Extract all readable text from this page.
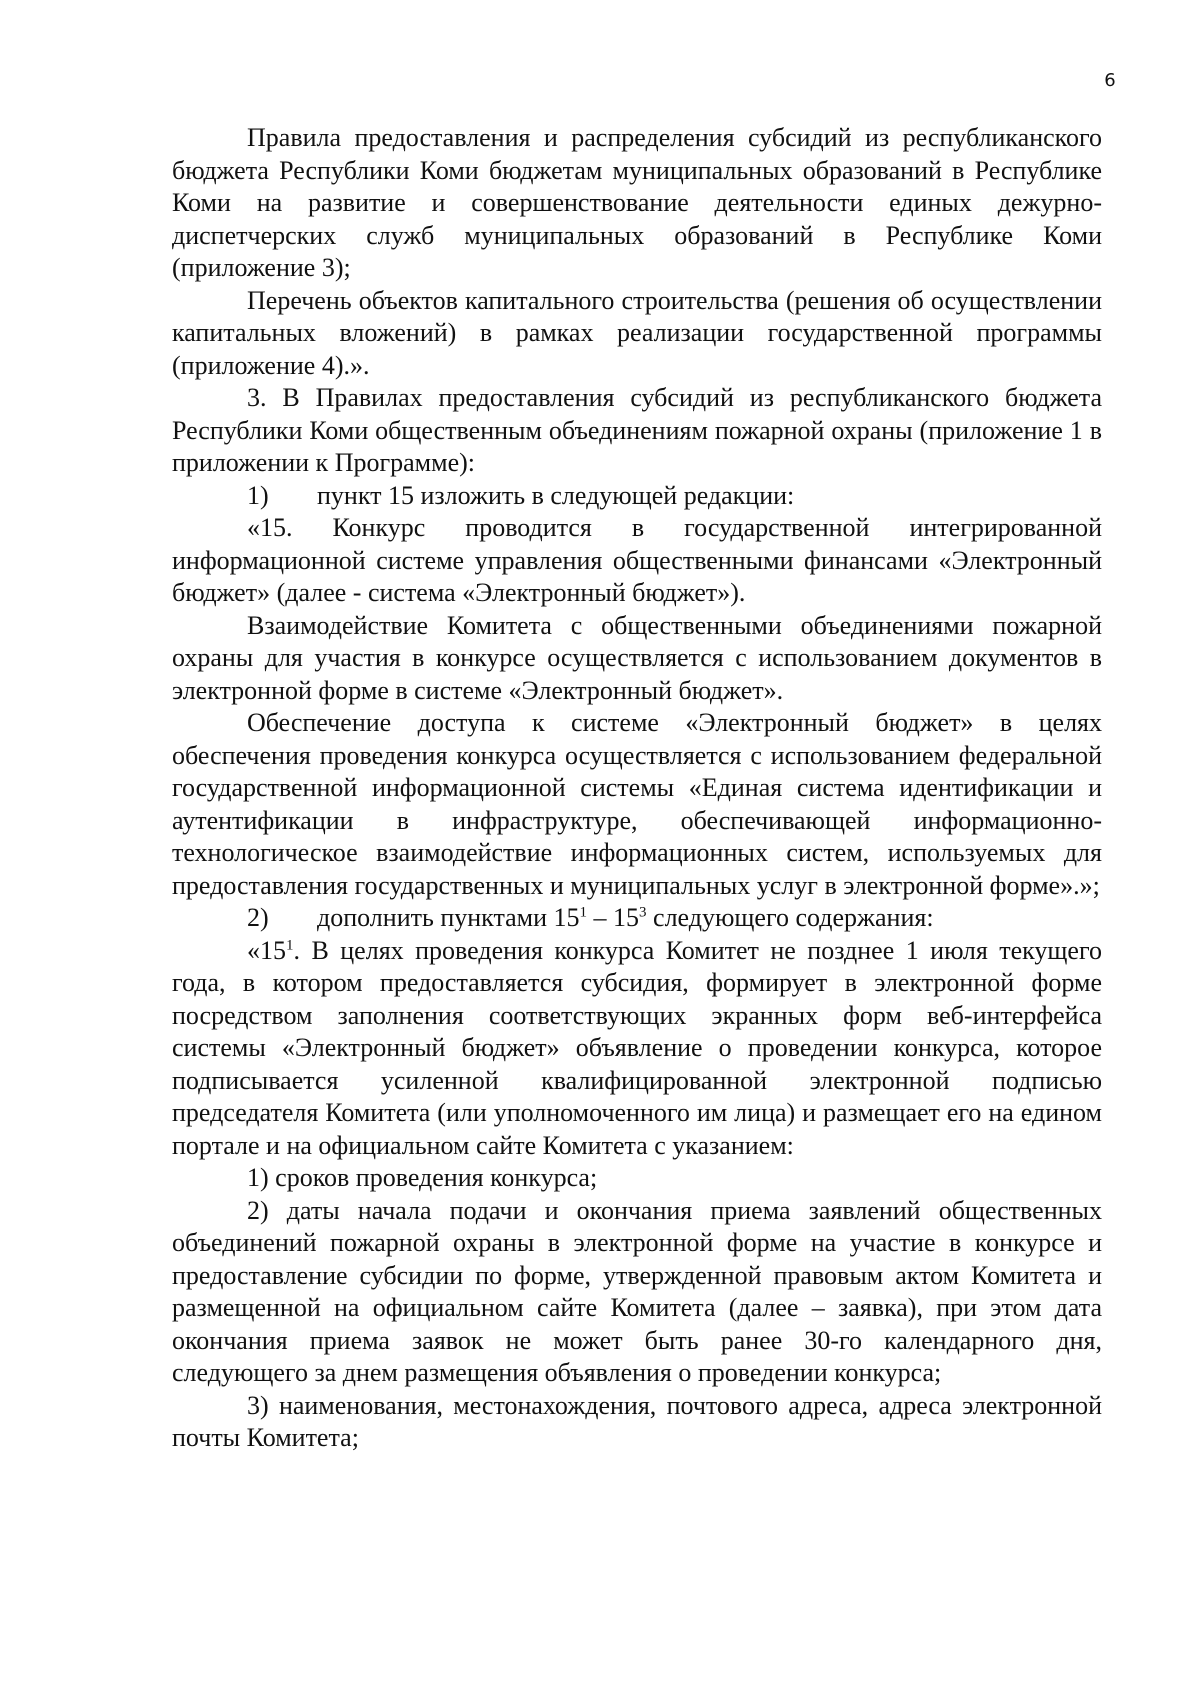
6

Правила предоставления и распределения субсидий из республиканского бюджета Республики Коми бюджетам муниципальных образований в Республике Коми на развитие и совершенствование деятельности единых дежурно-диспетчерских служб муниципальных образований в Республике Коми (приложение 3);

Перечень объектов капитального строительства (решения об осуществлении капитальных вложений) в рамках реализации государственной программы (приложение 4).».

3. В Правилах предоставления субсидий из республиканского бюджета Республики Коми общественным объединениям пожарной охраны (приложение 1 в приложении к Программе):

1) пункт 15 изложить в следующей редакции:

«15. Конкурс проводится в государственной интегрированной информационной системе управления общественными финансами «Электронный бюджет» (далее - система «Электронный бюджет»).

Взаимодействие Комитета с общественными объединениями пожарной охраны для участия в конкурсе осуществляется с использованием документов в электронной форме в системе «Электронный бюджет».

Обеспечение доступа к системе «Электронный бюджет» в целях обеспечения проведения конкурса осуществляется с использованием федеральной государственной информационной системы «Единая система идентификации и аутентификации в инфраструктуре, обеспечивающей информационно-технологическое взаимодействие информационных систем, используемых для предоставления государственных и муниципальных услуг в электронной форме».»;

2) дополнить пунктами $15^1 - 15^3$ следующего содержания:

«$15^1$. В целях проведения конкурса Комитет не позднее 1 июля текущего года, в котором предоставляется субсидия, формирует в электронной форме посредством заполнения соответствующих экранных форм веб-интерфейса системы «Электронный бюджет» объявление о проведении конкурса, которое подписывается усиленной квалифицированной электронной подписью председателя Комитета (или уполномоченного им лица) и размещает его на едином портале и на официальном сайте Комитета с указанием:

1) сроков проведения конкурса;

2) даты начала подачи и окончания приема заявлений общественных объединений пожарной охраны в электронной форме на участие в конкурсе и предоставление субсидии по форме, утвержденной правовым актом Комитета и размещенной на официальном сайте Комитета (далее – заявка), при этом дата окончания приема заявок не может быть ранее 30-го календарного дня, следующего за днем размещения объявления о проведении конкурса;

3) наименования, местонахождения, почтового адреса, адреса электронной почты Комитета;
